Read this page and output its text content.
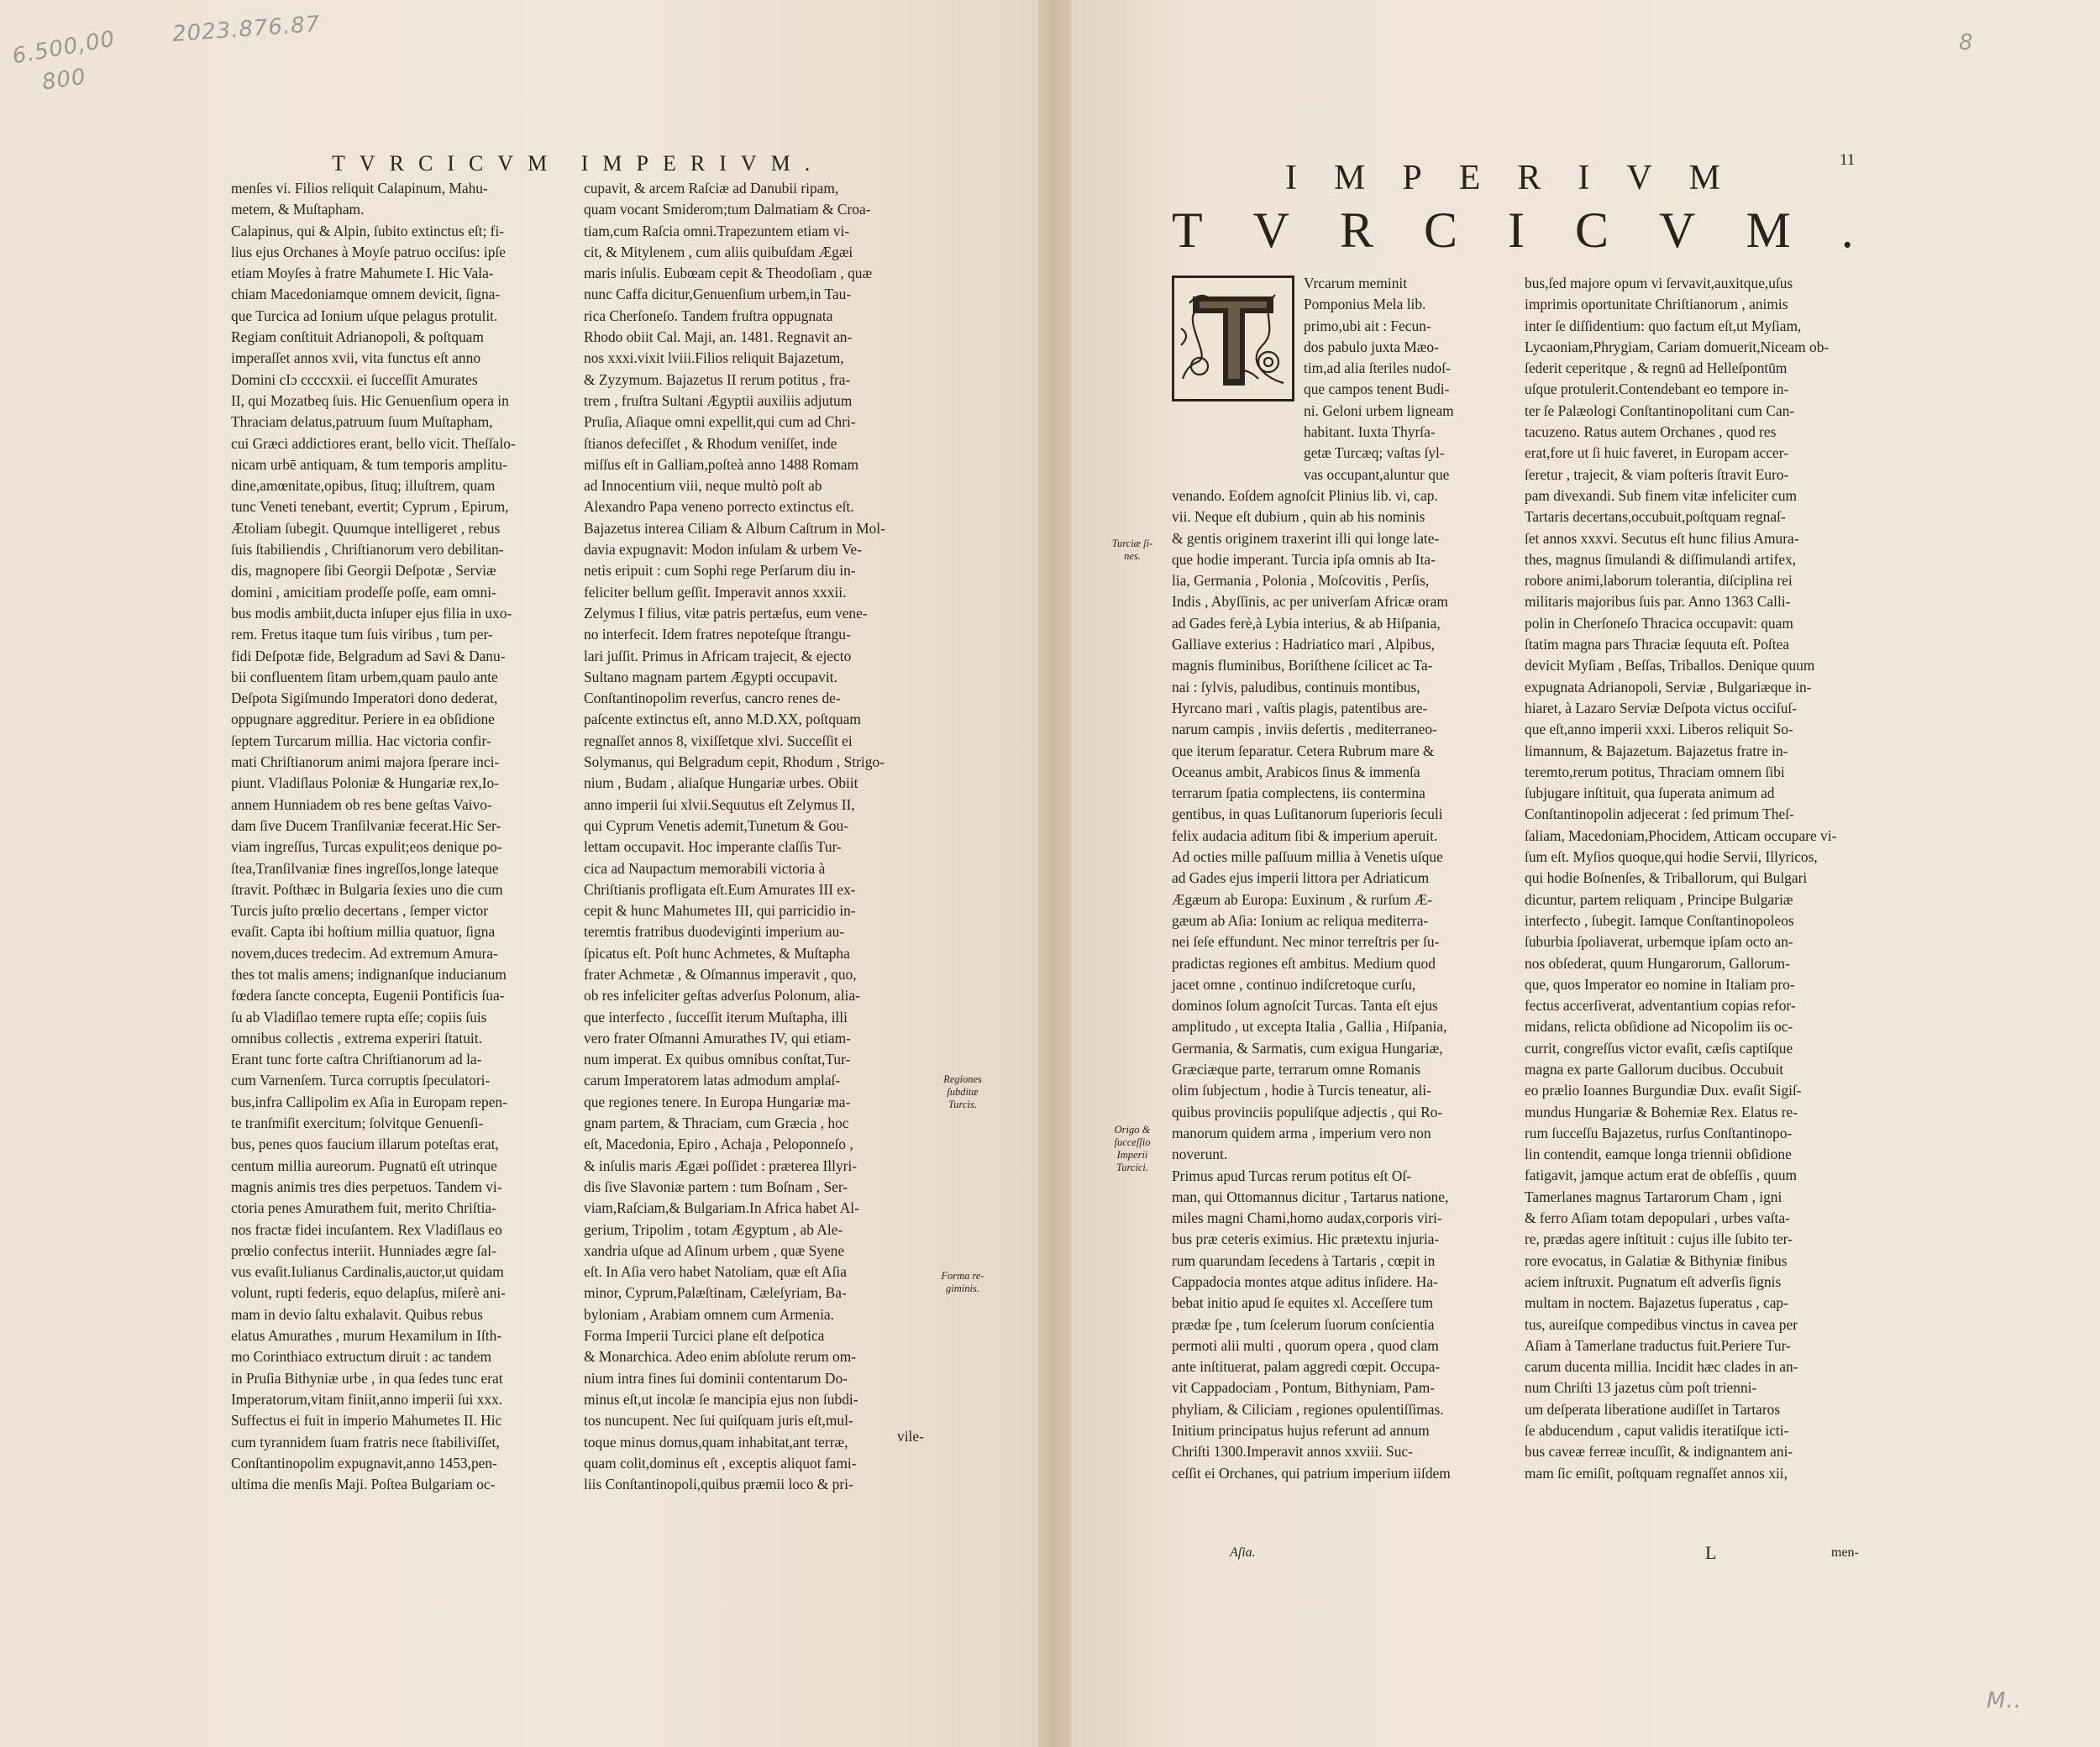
6.500,00 2023.876.87
800
8
M..
TVRCICVM IMPERIVM.

menſes vi. Filios reliquit Calapinum, Mahu-

metem, & Muſtapham.

Calapinus, qui & Alpin, ſubito extinctus eſt; fi-

lius ejus Orchanes à Moyſe patruo occiſus: ipſe

etiam Moyſes à fratre Mahumete I. Hic Vala-

chiam Macedoniamque omnem devicit, ſigna-

que Turcica ad Ionium uſque pelagus protulit.

Regiam conſtituit Adrianopoli, & poſtquam

imperaſſet annos xvii, vita functus eſt anno

Domini cIɔ ccccxxii. ei ſucceſſit Amurates

II, qui Mozatbeq ſuis. Hic Genuenſium opera in

Thraciam delatus,patruum ſuum Muſtapham,

cui Græci addictiores erant, bello vicit. Theſſalo-

nicam urbē antiquam, & tum temporis amplitu-

dine,amœnitate,opibus, ſituq; illuſtrem, quam

tunc Veneti tenebant, evertit; Cyprum , Epirum,

Ætoliam ſubegit. Quumque intelligeret , rebus

ſuis ſtabiliendis , Chriſtianorum vero debilitan-

dis, magnopere ſibi Georgii Deſpotæ , Serviæ

domini , amicitiam prodeſſe poſſe, eam omni-

bus modis ambiit,ducta inſuper ejus filia in uxo-

rem. Fretus itaque tum ſuis viribus , tum per-

fidi Deſpotæ fide, Belgradum ad Savi & Danu-

bii confluentem ſitam urbem,quam paulo ante

Deſpota Sigiſmundo Imperatori dono dederat,

oppugnare aggreditur. Periere in ea obſidione

ſeptem Turcarum millia. Hac victoria confir-

mati Chriſtianorum animi majora ſperare inci-

piunt. Vladiſlaus Poloniæ & Hungariæ rex,Io-

annem Hunniadem ob res bene geſtas Vaivo-

dam ſive Ducem Tranſilvaniæ fecerat.Hic Ser-

viam ingreſſus, Turcas expulit;eos denique po-

ſtea,Tranſilvaniæ fines ingreſſos,longe lateque

ſtravit. Poſthæc in Bulgaria ſexies uno die cum

Turcis juſto prœlio decertans , ſemper victor

evaſit. Capta ibi hoſtium millia quatuor, ſigna

novem,duces tredecim. Ad extremum Amura-

thes tot malis amens; indignanſque inducianum

fœdera ſancte concepta, Eugenii Pontificis ſua-

ſu ab Vladiſlao temere rupta eſſe; copiis ſuis

omnibus collectis , extrema experiri ſtatuit.

Erant tunc forte caſtra Chriſtianorum ad la-

cum Varnenſem. Turca corruptis ſpeculatori-

bus,infra Callipolim ex Aſia in Europam repen-

te tranſmiſit exercitum; ſolvitque Genuenſi-

bus, penes quos faucium illarum poteſtas erat,

centum millia aureorum. Pugnatū eſt utrinque

magnis animis tres dies perpetuos. Tandem vi-

ctoria penes Amurathem fuit, merito Chriſtia-

nos fractæ fidei incuſantem. Rex Vladiſlaus eo

prœlio confectus interiit. Hunniades ægre ſal-

vus evaſit.Iulianus Cardinalis,auctor,ut quidam

volunt, rupti federis, equo delapſus, miſerè ani-

mam in devio ſaltu exhalavit. Quibus rebus

elatus Amurathes , murum Hexamilum in Iſth-

mo Corinthiaco extructum diruit : ac tandem

in Pruſia Bithyniæ urbe , in qua ſedes tunc erat

Imperatorum,vitam finiit,anno imperii ſui xxx.

Suffectus ei fuit in imperio Mahumetes II. Hic

cum tyrannidem ſuam fratris nece ſtabiliviſſet,

Conſtantinopolim expugnavit,anno 1453,pen-

ultima die menſis Maji. Poſtea Bulgariam oc-

cupavit, & arcem Raſciæ ad Danubii ripam,

quam vocant Smiderom;tum Dalmatiam & Croa-

tiam,cum Raſcia omni.Trapezuntem etiam vi-

cit, & Mitylenem , cum aliis quibuſdam Ægæi

maris inſulis. Eubœam cepit & Theodoſiam , quæ

nunc Caffa dicitur,Genuenſium urbem,in Tau-

rica Cherſoneſo. Tandem fruſtra oppugnata

Rhodo obiit Cal. Maji, an. 1481. Regnavit an-

nos xxxi.vixit lviii.Filios reliquit Bajazetum,

& Zyzymum. Bajazetus II rerum potitus , fra-

trem , fruſtra Sultani Ægyptii auxiliis adjutum

Pruſia, Aſiaque omni expellit,qui cum ad Chri-

ſtianos defeciſſet , & Rhodum veniſſet, inde

miſſus eſt in Galliam,poſteà anno 1488 Romam

ad Innocentium viii, neque multò poſt ab

Alexandro Papa veneno porrecto extinctus eſt.

Bajazetus interea Ciliam & Album Caſtrum in Mol-

davia expugnavit: Modon inſulam & urbem Ve-

netis eripuit : cum Sophi rege Perſarum diu in-

feliciter bellum geſſit. Imperavit annos xxxii.

Zelymus I filius, vitæ patris pertæſus, eum vene-

no interfecit. Idem fratres nepoteſque ſtrangu-

lari juſſit. Primus in Africam trajecit, & ejecto

Sultano magnam partem Ægypti occupavit.

Conſtantinopolim reverſus, cancro renes de-

paſcente extinctus eſt, anno M.D.XX, poſtquam

regnaſſet annos 8, vixiſſetque xlvi. Succeſſit ei

Solymanus, qui Belgradum cepit, Rhodum , Strigo-

nium , Budam , aliaſque Hungariæ urbes. Obiit

anno imperii ſui xlvii.Sequutus eſt Zelymus II,

qui Cyprum Venetis ademit,Tunetum & Gou-

lettam occupavit. Hoc imperante claſſis Tur-

cica ad Naupactum memorabili victoria à

Chriſtianis profligata eſt.Eum Amurates III ex-

cepit & hunc Mahumetes III, qui parricidio in-

teremtis fratribus duodeviginti imperium au-

ſpicatus eſt. Poſt hunc Achmetes, & Muſtapha

frater Achmetæ , & Oſmannus imperavit , quo,

ob res infeliciter geſtas adverſus Polonum, alia-

que interfecto , ſucceſſit iterum Muſtapha, illi

vero frater Oſmanni Amurathes IV, qui etiam-

num imperat. Ex quibus omnibus conſtat,Tur-

carum Imperatorem latas admodum amplaſ-

que regiones tenere. In Europa Hungariæ ma-

gnam partem, & Thraciam, cum Græcia , hoc

eſt, Macedonia, Epiro , Achaja , Peloponneſo ,

& inſulis maris Ægæi poſſidet : præterea Illyri-

dis ſive Slavoniæ partem : tum Boſnam , Ser-

viam,Raſciam,& Bulgariam.In Africa habet Al-

gerium, Tripolim , totam Ægyptum , ab Ale-

xandria uſque ad Aſinum urbem , quæ Syene

eſt. In Aſia vero habet Natoliam, quæ eſt Aſia

minor, Cyprum,Palæſtinam, Cæleſyriam, Ba-

byloniam , Arabiam omnem cum Armenia.

Forma Imperii Turcici plane eſt deſpotica

& Monarchica. Adeo enim abſolute rerum om-

nium intra fines ſui dominii contentarum Do-

minus eſt,ut incolæ ſe mancipia ejus non ſubdi-

tos nuncupent. Nec ſui quiſquam juris eſt,mul-

toque minus domus,quam inhabitat,ant terræ,

quam colit,dominus eſt , exceptis aliquot fami-

liis Conſtantinopoli,quibus præmii loco & pri-

vile-
Regiones ſubditæ Turcis.
Forma re- giminis.
11
IMPERIVM
TVRCICVM.

Vrcarum meminit

Pomponius Mela lib.

primo,ubi ait : Fecun-

dos pabulo juxta Mæo-

tim,ad alia ſteriles nudoſ-

que campos tenent Budi-

ni. Geloni urbem ligneam

habitant. Iuxta Thyrſa-

getæ Turcæq; vaſtas ſyl-

vas occupant,aluntur que

venando. Eoſdem agnoſcit Plinius lib. vi, cap.

vii. Neque eſt dubium , quin ab his nominis

& gentis originem traxerint illi qui longe late-

que hodie imperant. Turcia ipſa omnis ab Ita-

lia, Germania , Polonia , Moſcovitis , Perſis,

Indis , Abyſſinis, ac per univerſam Africæ oram

ad Gades ferè,à Lybia interius, & ab Hiſpania,

Galliave exterius : Hadriatico mari , Alpibus,

magnis fluminibus, Boriſthene ſcilicet ac Ta-

nai : ſylvis, paludibus, continuis montibus,

Hyrcano mari , vaſtis plagis, patentibus are-

narum campis , inviis deſertis , mediterraneo-

que iterum ſeparatur. Cetera Rubrum mare &

Oceanus ambit, Arabicos ſinus & immenſa

terrarum ſpatia complectens, iis contermina

gentibus, in quas Luſitanorum ſuperioris ſeculi

felix audacia aditum ſibi & imperium aperuit.

Ad octies mille paſſuum millia à Venetis uſque

ad Gades ejus imperii littora per Adriaticum

Ægæum ab Europa: Euxinum , & rurſum Æ-

gæum ab Aſia: Ionium ac reliqua mediterra-

nei ſeſe effundunt. Nec minor terreſtris per ſu-

pradictas regiones eſt ambitus. Medium quod

jacet omne , continuo indiſcretoque curſu,

dominos ſolum agnoſcit Turcas. Tanta eſt ejus

amplitudo , ut excepta Italia , Gallia , Hiſpania,

Germania, & Sarmatis, cum exigua Hungariæ,

Græciæque parte, terrarum omne Romanis

olim ſubjectum , hodie à Turcis teneatur, ali-

quibus provinciis populiſque adjectis , qui Ro-

manorum quidem arma , imperium vero non

noverunt.

Primus apud Turcas rerum potitus eſt Oſ-

man, qui Ottomannus dicitur , Tartarus natione,

miles magni Chami,homo audax,corporis viri-

bus præ ceteris eximius. Hic prætextu injuria-

rum quarundam ſecedens à Tartaris , cœpit in

Cappadocia montes atque aditus inſidere. Ha-

bebat initio apud ſe equites xl. Acceſſere tum

prædæ ſpe , tum ſcelerum ſuorum conſcientia

permoti alii multi , quorum opera , quod clam

ante inſtituerat, palam aggredi cœpit. Occupa-

vit Cappadociam , Pontum, Bithyniam, Pam-

phyliam, & Ciliciam , regiones opulentiſſimas.

Initium principatus hujus referunt ad annum

Chriſti 1300.Imperavit annos xxviii. Suc-

ceſſit ei Orchanes, qui patrium imperium iiſdem

Aſia.

bus,ſed majore opum vi ſervavit,auxitque,uſus

imprimis oportunitate Chriſtianorum , animis

inter ſe diſſidentium: quo factum eſt,ut Myſiam,

Lycaoniam,Phrygiam, Cariam domuerit,Niceam ob-

ſederit ceperitque , & regnū ad Helleſpontūm

uſque protulerit.Contendebant eo tempore in-

ter ſe Palæologi Conſtantinopolitani cum Can-

tacuzeno. Ratus autem Orchanes , quod res

erat,fore ut ſi huic faveret, in Europam accer-

ſeretur , trajecit, & viam poſteris ſtravit Euro-

pam divexandi. Sub finem vitæ infeliciter cum

Tartaris decertans,occubuit,poſtquam regnaſ-

ſet annos xxxvi. Secutus eſt hunc filius Amura-

thes, magnus ſimulandi & diſſimulandi artifex,

robore animi,laborum tolerantia, diſciplina rei

militaris majoribus ſuis par. Anno 1363 Calli-

polin in Cherſoneſo Thracica occupavit: quam

ſtatim magna pars Thraciæ ſequuta eſt. Poſtea

devicit Myſiam , Beſſas, Triballos. Denique quum

expugnata Adrianopoli, Serviæ , Bulgariæque in-

hiaret, à Lazaro Serviæ Deſpota victus occiſuſ-

que eſt,anno imperii xxxi. Liberos reliquit So-

limannum, & Bajazetum. Bajazetus fratre in-

teremto,rerum potitus, Thraciam omnem ſibi

ſubjugare inſtituit, qua ſuperata animum ad

Conſtantinopolin adjecerat : ſed primum Theſ-

ſaliam, Macedoniam,Phocidem, Atticam occupare vi-

ſum eſt. Myſios quoque,qui hodie Servii, Illyricos,

qui hodie Boſnenſes, & Triballorum, qui Bulgari

dicuntur, partem reliquam , Principe Bulgariæ

interfecto , ſubegit. Iamque Conſtantinopoleos

ſuburbia ſpoliaverat, urbemque ipſam octo an-

nos obſederat, quum Hungarorum, Gallorum-

que, quos Imperator eo nomine in Italiam pro-

fectus accerſiverat, adventantium copias refor-

midans, relicta obſidione ad Nicopolim iis oc-

currit, congreſſus victor evaſit, cæſis captiſque

magna ex parte Gallorum ducibus. Occubuit

eo prælio Ioannes Burgundiæ Dux. evaſit Sigiſ-

mundus Hungariæ & Bohemiæ Rex. Elatus re-

rum ſucceſſu Bajazetus, rurſus Conſtantinopo-

lin contendit, eamque longa triennii obſidione

fatigavit, jamque actum erat de obſeſſis , quum

Tamerlanes magnus Tartarorum Cham , igni

& ferro Aſiam totam depopulari , urbes vaſta-

re, prædas agere inſtituit : cujus ille ſubito ter-

rore evocatus, in Galatiæ & Bithyniæ finibus

aciem inſtruxit. Pugnatum eſt adverſis ſignis

multam in noctem. Bajazetus ſuperatus , cap-

tus, aureiſque compedibus vinctus in cavea per

Aſiam à Tamerlane traductus fuit.Periere Tur-

carum ducenta millia. Incidit hæc clades in an-

num Chriſti 13 jazetus cùm poſt trienni-

um deſperata liberatione audiſſet in Tartaros

ſe abducendum , caput validis iteratiſque icti-

bus caveæ ferreæ incuſſit, & indignantem ani-

mam ſic emiſit, poſtquam regnaſſet annos xii,

L	men-
Turciæ ſi- nes.
Origo & ſucceſſio Imperii Turcici.
